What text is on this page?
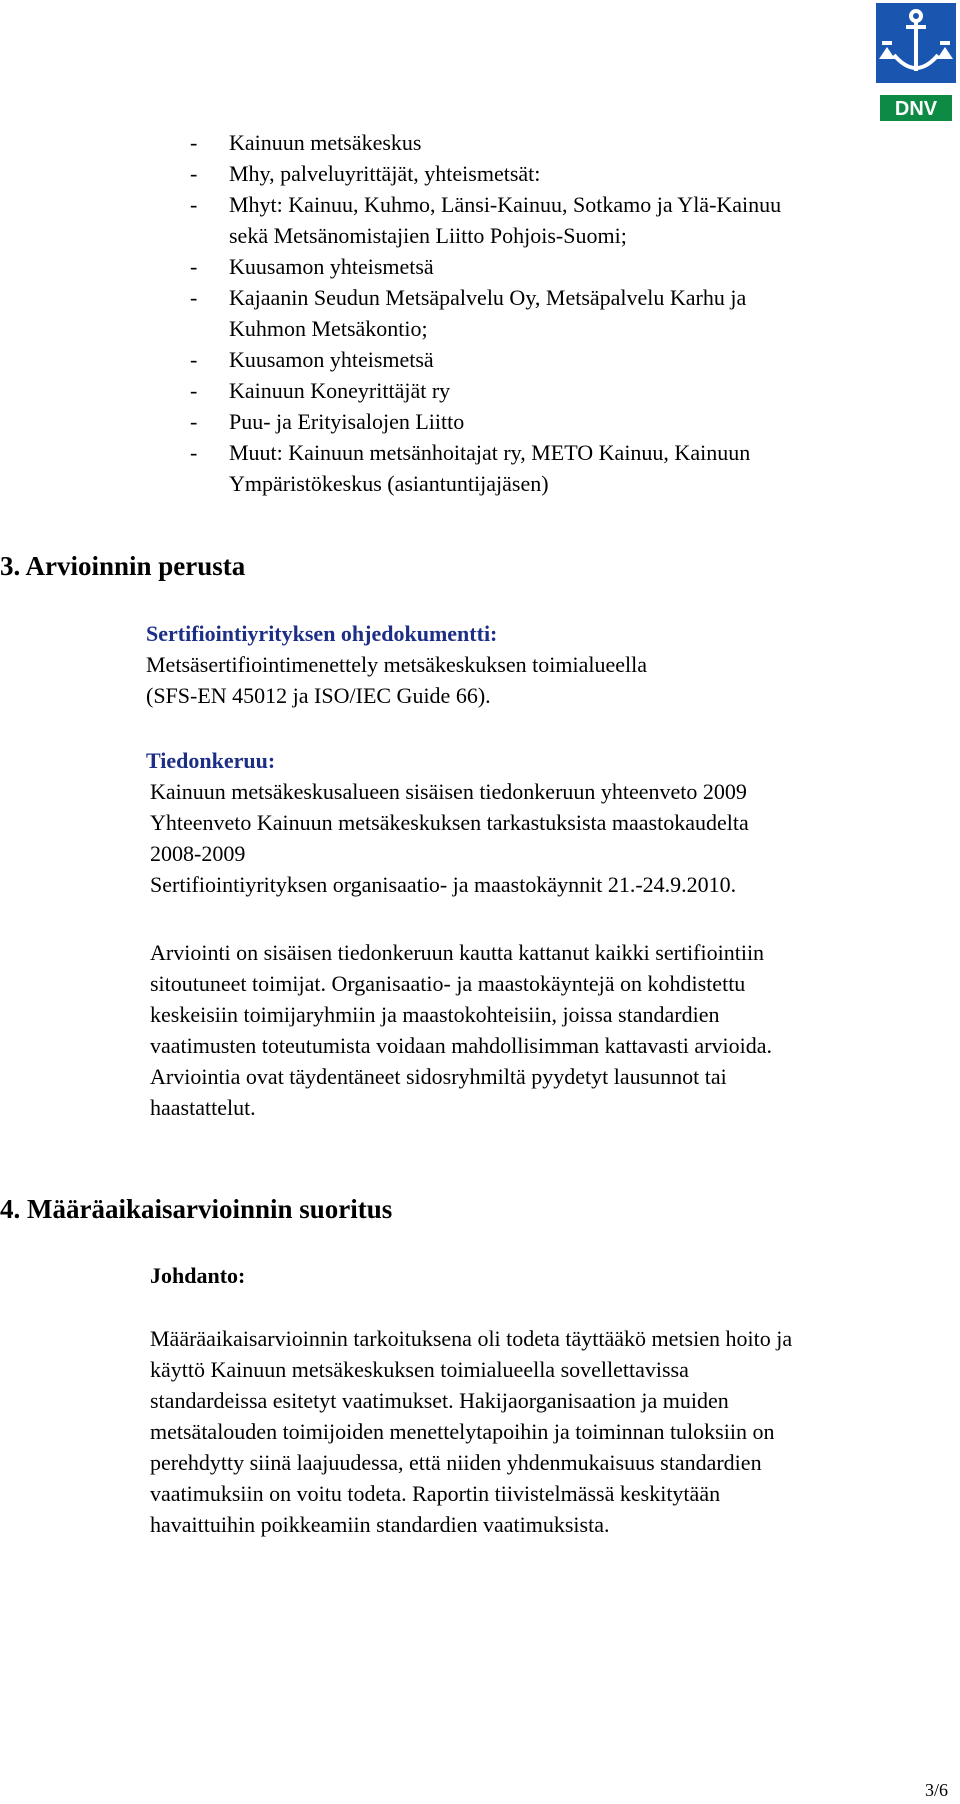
DNV
- Kainuun metsäkeskus
- Mhy, palveluyrittäjät, yhteismetsät:
- Mhyt: Kainuu, Kuhmo, Länsi-Kainuu, Sotkamo ja Ylä-Kainuu
sekä Metsänomistajien Liitto Pohjois-Suomi;
- Kuusamon yhteismetsä
- Kajaanin Seudun Metsäpalvelu Oy, Metsäpalvelu Karhu ja
Kuhmon Metsäkontio;
- Kuusamon yhteismetsä
- Kainuun Koneyrittäjät ry
- Puu- ja Erityisalojen Liitto
- Muut: Kainuun metsänhoitajat ry, METO Kainuu, Kainuun
Ympäristökeskus (asiantuntijajäsen)
3. Arvioinnin perusta
Sertifiointiyrityksen ohjedokumentti:
Metsäsertifiointimenettely metsäkeskuksen toimialueella
(SFS-EN 45012 ja ISO/IEC Guide 66).
Tiedonkeruu:
Kainuun metsäkeskusalueen sisäisen tiedonkeruun yhteenveto 2009
Yhteenveto Kainuun metsäkeskuksen tarkastuksista maastokaudelta
2008-2009
Sertifiointiyrityksen organisaatio- ja maastokäynnit 21.-24.9.2010.
Arviointi on sisäisen tiedonkeruun kautta kattanut kaikki sertifiointiin
sitoutuneet toimijat. Organisaatio- ja maastokäyntejä on kohdistettu
keskeisiin toimijaryhmiin ja maastokohteisiin, joissa standardien
vaatimusten toteutumista voidaan mahdollisimman kattavasti arvioida.
Arviointia ovat täydentäneet sidosryhmiltä pyydetyt lausunnot tai
haastattelut.
4. Määräaikaisarvioinnin suoritus
Johdanto:
Määräaikaisarvioinnin tarkoituksena oli todeta täyttääkö metsien hoito ja
käyttö Kainuun metsäkeskuksen toimialueella sovellettavissa
standardeissa esitetyt vaatimukset. Hakijaorganisaation ja muiden
metsätalouden toimijoiden menettelytapoihin ja toiminnan tuloksiin on
perehdytty siinä laajuudessa, että niiden yhdenmukaisuus standardien
vaatimuksiin on voitu todeta. Raportin tiivistelmässä keskitytään
havaittuihin poikkeamiin standardien vaatimuksista.
3/6
